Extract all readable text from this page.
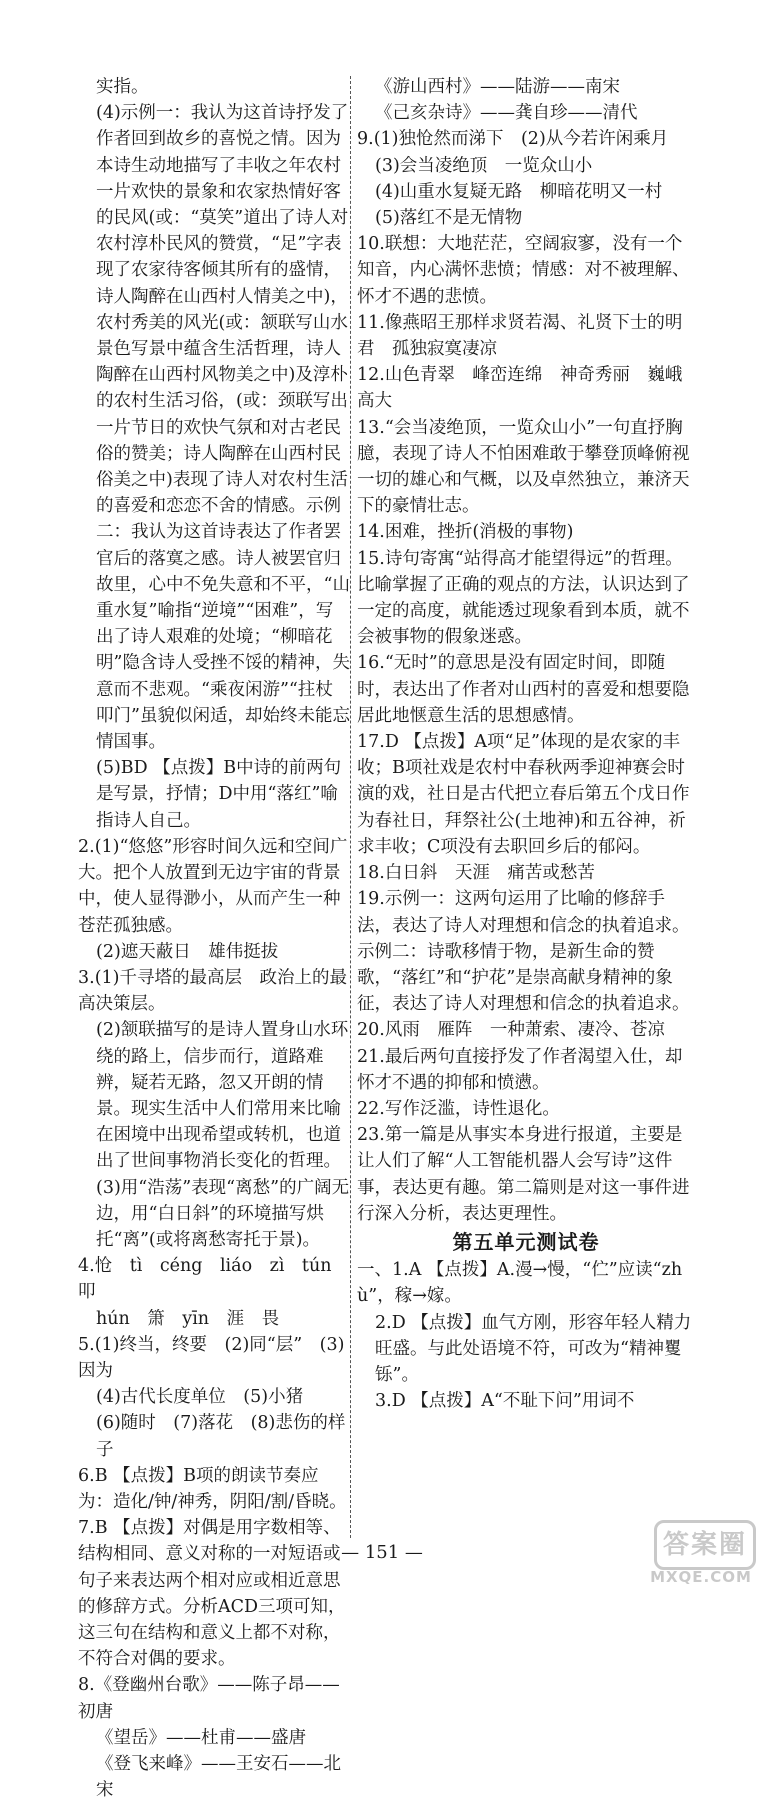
实指。

(4)示例一：我认为这首诗抒发了作者回到故乡的喜悦之情。因为本诗生动地描写了丰收之年农村一片欢快的景象和农家热情好客的民风(或：“莫笑”道出了诗人对农村淳朴民风的赞赏，“足”字表现了农家待客倾其所有的盛情，诗人陶醉在山西村人情美之中)，农村秀美的风光(或：颔联写山水景色写景中蕴含生活哲理，诗人陶醉在山西村风物美之中)及淳朴的农村生活习俗，(或：颈联写出一片节日的欢快气氛和对古老民俗的赞美；诗人陶醉在山西村民俗美之中)表现了诗人对农村生活的喜爱和恋恋不舍的情感。示例二：我认为这首诗表达了作者罢官后的落寞之感。诗人被罢官归故里，心中不免失意和不平，“山重水复”喻指“逆境”“困难”，写出了诗人艰难的处境；“柳暗花明”隐含诗人受挫不馁的精神，失意而不悲观。“乘夜闲游”“拄杖叩门”虽貌似闲适，却始终未能忘情国事。

(5)BD 【点拨】B中诗的前两句是写景，抒情；D中用“落红”喻指诗人自己。

2.(1)“悠悠”形容时间久远和空间广大。把个人放置到无边宇宙的背景中，使人显得渺小，从而产生一种苍茫孤独感。

(2)遮天蔽日　雄伟挺拔

3.(1)千寻塔的最高层　政治上的最高决策层。

(2)颔联描写的是诗人置身山水环绕的路上，信步而行，道路难辨，疑若无路，忽又开朗的情景。现实生活中人们常用来比喻在困境中出现希望或转机，也道出了世间事物消长变化的哲理。

(3)用“浩荡”表现“离愁”的广阔无边，用“白日斜”的环境描写烘托“离”(或将离愁寄托于景)。

4.怆　tì　céng　liáo　zì　tún　叩

hún　箫　yīn　涯　畏

5.(1)终当，终要　(2)同“层”　(3)因为

(4)古代长度单位　(5)小猪

(6)随时　(7)落花　(8)悲伤的样子

6.B 【点拨】B项的朗读节奏应为：造化/钟/神秀，阴阳/割/昏晓。

7.B 【点拨】对偶是用字数相等、结构相同、意义对称的一对短语或句子来表达两个相对应或相近意思的修辞方式。分析ACD三项可知，这三句在结构和意义上都不对称，不符合对偶的要求。

8.《登幽州台歌》——陈子昂——初唐

《望岳》——杜甫——盛唐

《登飞来峰》——王安石——北宋

《游山西村》——陆游——南宋

《己亥杂诗》——龚自珍——清代

9.(1)独怆然而涕下　(2)从今若许闲乘月

(3)会当凌绝顶　一览众山小

(4)山重水复疑无路　柳暗花明又一村

(5)落红不是无情物

10.联想：大地茫茫，空阔寂寥，没有一个知音，内心满怀悲愤；情感：对不被理解、怀才不遇的悲愤。

11.像燕昭王那样求贤若渴、礼贤下士的明君　孤独寂寞凄凉

12.山色青翠　峰峦连绵　神奇秀丽　巍峨高大

13.“会当凌绝顶，一览众山小”一句直抒胸臆，表现了诗人不怕困难敢于攀登顶峰俯视一切的雄心和气概，以及卓然独立，兼济天下的豪情壮志。

14.困难，挫折(消极的事物)

15.诗句寄寓“站得高才能望得远”的哲理。比喻掌握了正确的观点的方法，认识达到了一定的高度，就能透过现象看到本质，就不会被事物的假象迷惑。

16.“无时”的意思是没有固定时间，即随时，表达出了作者对山西村的喜爱和想要隐居此地惬意生活的思想感情。

17.D 【点拨】A项“足”体现的是农家的丰收；B项社戏是农村中春秋两季迎神赛会时演的戏，社日是古代把立春后第五个戊日作为春社日，拜祭社公(土地神)和五谷神，祈求丰收；C项没有去职回乡后的郁闷。

18.白日斜　天涯　痛苦或愁苦

19.示例一：这两句运用了比喻的修辞手法，表达了诗人对理想和信念的执着追求。示例二：诗歌移情于物，是新生命的赞歌，“落红”和“护花”是崇高献身精神的象征，表达了诗人对理想和信念的执着追求。

20.风雨　雁阵　一种萧索、凄冷、苍凉

21.最后两句直接抒发了作者渴望入仕，却怀才不遇的抑郁和愤懑。

22.写作泛滥，诗性退化。

23.第一篇是从事实本身进行报道，主要是让人们了解“人工智能机器人会写诗”这件事，表达更有趣。第二篇则是对这一事件进行深入分析，表达更理性。

第五单元测试卷

一、1.A 【点拨】A.漫→慢，“伫”应读“zhù”，稼→嫁。

2.D 【点拨】血气方刚，形容年轻人精力旺盛。与此处语境不符，可改为“精神矍铄”。

3.D 【点拨】A“不耻下问”用词不

— 151 —	答案圈
MXQE.COM
